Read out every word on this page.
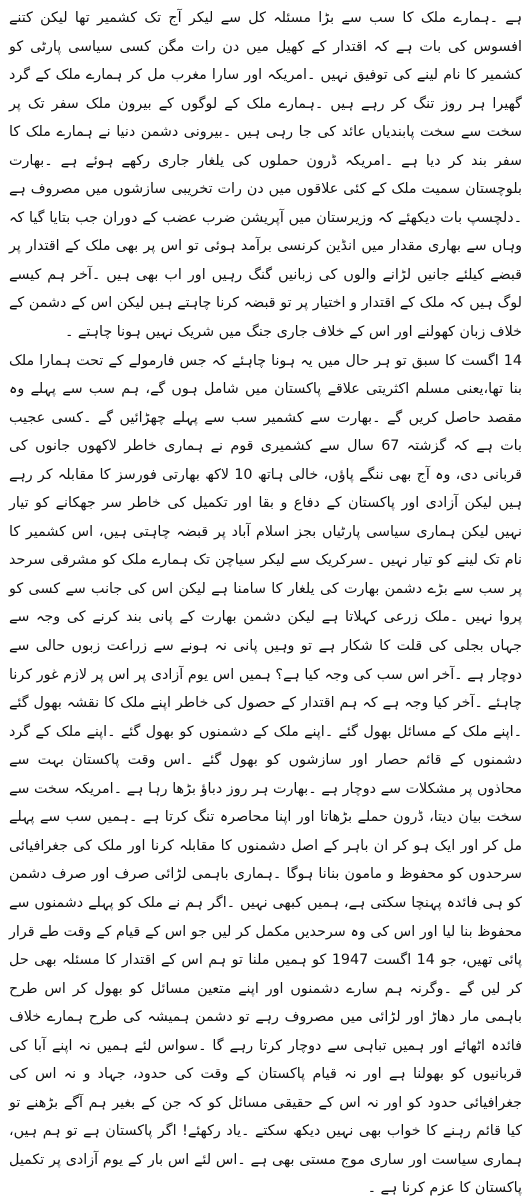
ہے ۔ہمارے ملک کا سب سے بڑا مسئلہ کل سے لیکر آج تک کشمیر تھا لیکن کتنے افسوس کی بات ہے کہ اقتدار کے کھیل میں دن رات مگن کسی سیاسی پارٹی کو کشمیر کا نام لینے کی توفیق نہیں ۔امریکہ اور سارا مغرب مل کر ہمارے ملک کے گرد گھیرا ہر روز تنگ کر رہے ہیں ۔ہمارے ملک کے لوگوں کے بیرون ملک سفر تک پر سخت سے سخت پابندیاں عائد کی جا رہی ہیں ۔بیرونی دشمن دنیا نے ہمارے ملک کا سفر بند کر دیا ہے ۔امریکہ ڈرون حملوں کی یلغار جاری رکھے ہوئے ہے ۔بھارت بلوچستان سمیت ملک کے کئی علاقوں میں دن رات تخریبی سازشوں میں مصروف ہے ۔دلچسپ بات دیکھئے کہ وزیرستان میں آپریشن ضرب عضب کے دوران جب بتایا گیا کہ وہاں سے بھاری مقدار میں انڈین کرنسی برآمد ہوئی تو اس پر بھی ملک کے اقتدار پر قبضے کیلئے جانیں لڑانے والوں کی زبانیں گنگ رہیں اور اب بھی ہیں ۔آخر ہم کیسے لوگ ہیں کہ ملک کے اقتدار و اختیار پر تو قبضہ کرنا چاہتے ہیں لیکن اس کے دشمن کے خلاف زبان کھولنے اور اس کے خلاف جاری جنگ میں شریک نہیں ہونا چاہتے ۔

14 اگست کا سبق تو ہر حال میں یہ ہونا چاہئے کہ جس فارمولے کے تحت ہمارا ملک بنا تھا،یعنی مسلم اکثریتی علاقے پاکستان میں شامل ہوں گے، ہم سب سے پہلے وہ مقصد حاصل کریں گے ۔بھارت سے کشمیر سب سے پہلے چھڑائیں گے ۔کسی عجیب بات ہے کہ گزشتہ 67 سال سے کشمیری قوم نے ہماری خاطر لاکھوں جانوں کی قربانی دی، وہ آج بھی ننگے پاؤں، خالی ہاتھ 10 لاکھ بھارتی فورسز کا مقابلہ کر رہے ہیں لیکن آزادی اور پاکستان کے دفاع و بقا اور تکمیل کی خاطر سر جھکانے کو تیار نہیں لیکن ہماری سیاسی پارٹیاں بجز اسلام آباد پر قبضہ چاہتی ہیں، اس کشمیر کا نام تک لینے کو تیار نہیں ۔سرکریک سے لیکر سیاچن تک ہمارے ملک کو مشرقی سرحد پر سب سے بڑے دشمن بھارت کی یلغار کا سامنا ہے لیکن اس کی جانب سے کسی کو پروا نہیں ۔ملک زرعی کہلاتا ہے لیکن دشمن بھارت کے پانی بند کرنے کی وجہ سے جہاں بجلی کی قلت کا شکار ہے تو وہیں پانی نہ ہونے سے زراعت زبوں حالی سے دوچار ہے ۔آخر اس سب کی وجہ کیا ہے؟ ہمیں اس یوم آزادی پر اس پر لازم غور کرنا چاہئے ۔آخر کیا وجہ ہے کہ ہم اقتدار کے حصول کی خاطر اپنے ملک کا نقشہ بھول گئے ۔اپنے ملک کے مسائل بھول گئے ۔اپنے ملک کے دشمنوں کو بھول گئے ۔اپنے ملک کے گرد دشمنوں کے قائم حصار اور سازشوں کو بھول گئے ۔اس وقت پاکستان بہت سے محاذوں پر مشکلات سے دوچار ہے ۔بھارت ہر روز دباؤ بڑھا رہا ہے ۔امریکہ سخت سے سخت بیان دیتا، ڈرون حملے بڑھاتا اور اپنا محاصرہ تنگ کرتا ہے ۔ہمیں سب سے پہلے مل کر اور ایک ہو کر ان باہر کے اصل دشمنوں کا مقابلہ کرنا اور ملک کی جغرافیائی سرحدوں کو محفوظ و مامون بنانا ہوگا ۔ہماری باہمی لڑائی صرف اور صرف دشمن کو ہی فائدہ پہنچا سکتی ہے، ہمیں کبھی نہیں ۔اگر ہم نے ملک کو پہلے دشمنوں سے محفوظ بنا لیا اور اس کی وہ سرحدیں مکمل کر لیں جو اس کے قیام کے وقت طے قرار پائی تھیں، جو 14 اگست 1947 کو ہمیں ملنا تو ہم اس کے اقتدار کا مسئلہ بھی حل کر لیں گے ۔وگرنہ ہم سارے دشمنوں اور اپنے متعین مسائل کو بھول کر اس طرح باہمی مار دھاڑ اور لڑائی میں مصروف رہے تو دشمن ہمیشہ کی طرح ہمارے خلاف فائدہ اٹھائے اور ہمیں تباہی سے دوچار کرتا رہے گا ۔سواس لئے ہمیں نہ اپنے آبا کی قربانیوں کو بھولنا ہے اور نہ قیام پاکستان کے وقت کی حدود، جہاد و نہ اس کی جغرافیائی حدود کو اور نہ اس کے حقیقی مسائل کو کہ جن کے بغیر ہم آگے بڑھنے تو کیا قائم رہنے کا خواب بھی نہیں دیکھ سکتے ۔یاد رکھئے! اگر پاکستان ہے تو ہم ہیں، ہماری سیاست اور ساری موج مستی بھی ہے ۔اس لئے اس بار کے یوم آزادی پر تکمیل پاکستان کا عزم کرنا ہے ۔
